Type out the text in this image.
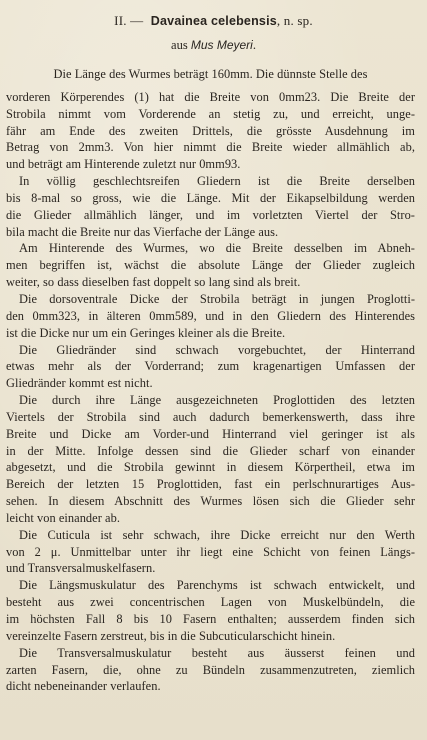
II. — Davainea celebensis, n. sp.
aus Mus Meyeri.
Die Länge des Wurmes beträgt 160mm. Die dünnste Stelle des
vorderen Körperendes (1) hat die Breite von 0mm23. Die Breite der
Strobila nimmt vom Vorderende an stetig zu, und erreicht, unge-
fähr am Ende des zweiten Drittels, die grösste Ausdehnung im
Betrag von 2mm3. Von hier nimmt die Breite wieder allmählich ab,
und beträgt am Hinterende zuletzt nur 0mm93.
In völlig geschlechtsreifen Gliedern ist die Breite derselben
bis 8-mal so gross, wie die Länge. Mit der Eikapselbildung werden
die Glieder allmählich länger, und im vorletzten Viertel der Stro-
bila macht die Breite nur das Vierfache der Länge aus.
Am Hinterende des Wurmes, wo die Breite desselben im Abneh-
men begriffen ist, wächst die absolute Länge der Glieder zugleich
weiter, so dass dieselben fast doppelt so lang sind als breit.
Die dorsoventrale Dicke der Strobila beträgt in jungen Proglotti-
den 0mm323, in älteren 0mm589, und in den Gliedern des Hinterendes
ist die Dicke nur um ein Geringes kleiner als die Breite.
Die Gliedränder sind schwach vorgebuchtet, der Hinterrand
etwas mehr als der Vorderrand; zum kragenartigen Umfassen der
Gliedränder kommt est nicht.
Die durch ihre Länge ausgezeichneten Proglottiden des letzten
Viertels der Strobila sind auch dadurch bemerkenswerth, dass ihre
Breite und Dicke am Vorder-und Hinterrand viel geringer ist als
in der Mitte. Infolge dessen sind die Glieder scharf von einander
abgesetzt, und die Strobila gewinnt in diesem Körpertheil, etwa im
Bereich der letzten 15 Proglottiden, fast ein perlschnurartiges Aus-
sehen. In diesem Abschnitt des Wurmes lösen sich die Glieder sehr
leicht von einander ab.
Die Cuticula ist sehr schwach, ihre Dicke erreicht nur den Werth
von 2 μ. Unmittelbar unter ihr liegt eine Schicht von feinen Längs-
und Transversalmuskelfasern.
Die Längsmuskulatur des Parenchyms ist schwach entwickelt, und
besteht aus zwei concentrischen Lagen von Muskelbündeln, die
im höchsten Fall 8 bis 10 Fasern enthalten; ausserdem finden sich
vereinzelte Fasern zerstreut, bis in die Subcuticularschicht hinein.
Die Transversalmuskulatur besteht aus äusserst feinen und
zarten Fasern, die, ohne zu Bündeln zusammenzutreten, ziemlich
dicht nebeneinander verlaufen.
